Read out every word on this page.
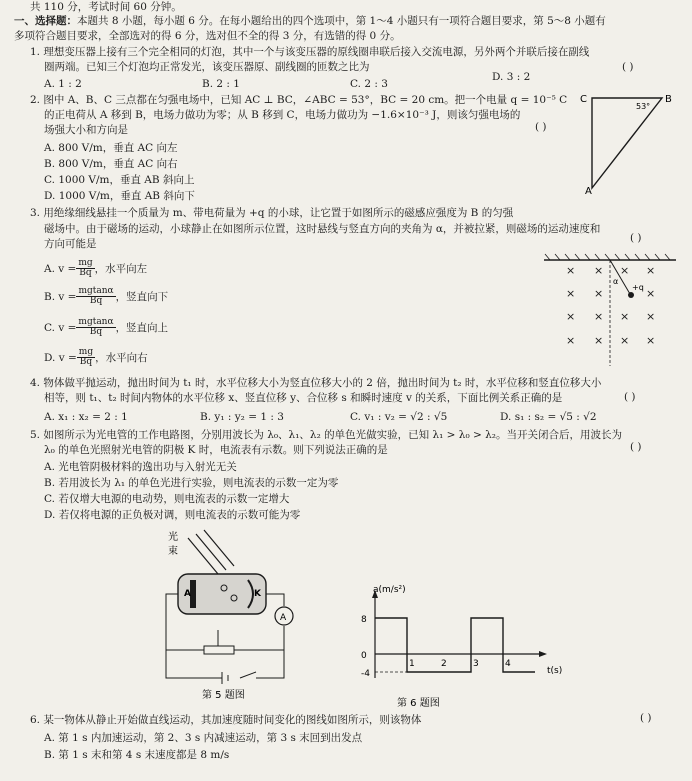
共 110 分，考试时间 60 分钟。
一、选择题：本题共 8 小题，每小题 6 分。在每小题给出的四个选项中，第 1～4 小题只有一项符合题目要求，第 5～8 小题有
多项符合题目要求，全部选对的得 6 分，选对但不全的得 3 分，有选错的得 0 分。
1. 理想变压器上接有三个完全相同的灯泡，其中一个与该变压器的原线圈串联后接入交流电源，另外两个并联后接在副线
圈两端。已知三个灯泡均正常发光，该变压器原、副线圈的匝数之比为	( )
A. 1 : 2	B. 2 : 1	C. 2 : 3
D. 3 : 2
2. 图中 A、B、C 三点都在匀强电场中，已知 AC ⊥ BC，∠ABC = 53°，BC = 20 cm。把一个电量 q = 10⁻⁵ C
的正电荷从 A 移到 B，电场力做功为零；从 B 移到 C，电场力做功为 −1.6×10⁻³ J，则该匀强电场的
场强大小和方向是	( )
A. 800 V/m，垂直 AC 向左
B. 800 V/m，垂直 AC 向右
C. 1000 V/m，垂直 AB 斜向上
D. 1000 V/m，垂直 AB 斜向下
C	B
A
53°
3. 用绝缘细线悬挂一个质量为 m、带电荷量为 +q 的小球，让它置于如图所示的磁感应强度为 B 的匀强
磁场中。由于磁场的运动，小球静止在如图所示位置，这时悬线与竖直方向的夹角为 α，并被拉紧，则磁场的运动速度和
方向可能是	( )
A. $v = \frac{mg}{Bq}$ ，水平向左
B. $v = \frac{mgtan\alpha}{Bq}$ ，竖直向下
C. $v = \frac{mgtan\alpha}{Bq}$ ，竖直向上
D. $v = \frac{mg}{Bq}$ ，水平向右
α
+q
× × × ×
× ×	×
× × × ×
× × × ×
4. 物体做平抛运动，抛出时间为 t₁ 时，水平位移大小为竖直位移大小的 2 倍，抛出时间为 t₂ 时，水平位移和竖直位移大小
相等，则 t₁、t₂ 时间内物体的水平位移 x、竖直位移 y、合位移 s 和瞬时速度 v 的关系，下面比例关系正确的是	( )
A. x₁ : x₂ = 2 : 1	B. y₁ : y₂ = 1 : 3	C. v₁ : v₂ = √2 : √5	D. s₁ : s₂ = √5 : √2
5. 如图所示为光电管的工作电路图，分别用波长为 λ₀、λ₁、λ₂ 的单色光做实验，已知 λ₁ > λ₀ > λ₂。当开关闭合后，用波长为
λ₀ 的单色光照射光电管的阴极 K 时，电流表有示数。则下列说法正确的是	( )
A. 光电管阴极材料的逸出功与入射光无关
B. 若用波长为 λ₁ 的单色光进行实验，则电流表的示数一定为零
C. 若仅增大电源的电动势，则电流表的示数一定增大
D. 若仅将电源的正负极对调，则电流表的示数可能为零
光
束
A	K
A
第 5 题图
8
0
-4
1	2	3	4
a(m/s²)
t(s)
第 6 题图
6. 某一物体从静止开始做直线运动，其加速度随时间变化的图线如图所示，则该物体	( )
A. 第 1 s 内加速运动，第 2、3 s 内减速运动，第 3 s 末回到出发点
B. 第 1 s 末和第 4 s 末速度都是 8 m/s
